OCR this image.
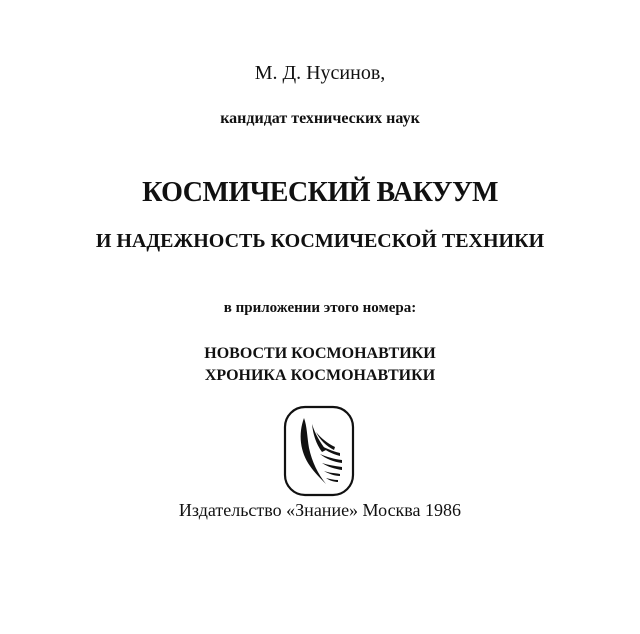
М. Д. Нусинов,
кандидат технических наук
КОСМИЧЕСКИЙ ВАКУУМ
И НАДЕЖНОСТЬ КОСМИЧЕСКОЙ ТЕХНИКИ
в приложении этого номера:
НОВОСТИ КОСМОНАВТИКИ
ХРОНИКА КОСМОНАВТИКИ
Издательство «Знание» Москва 1986
